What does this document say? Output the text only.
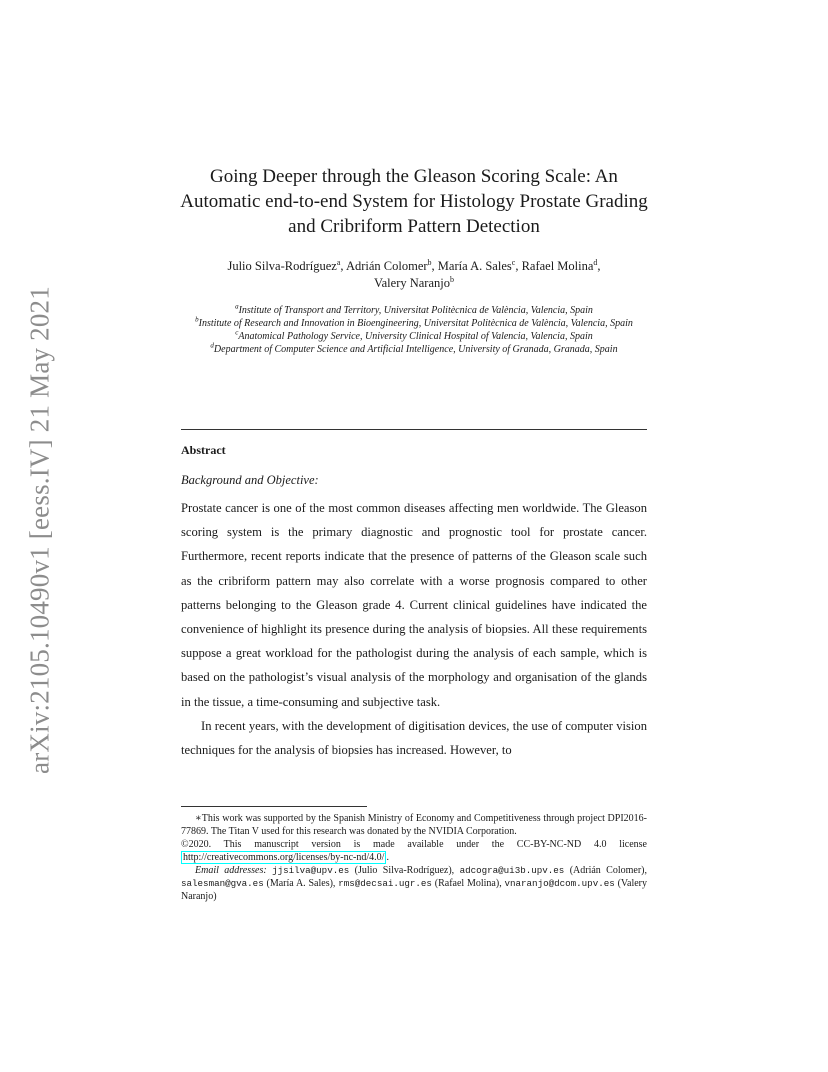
arXiv:2105.10490v1 [eess.IV] 21 May 2021
Going Deeper through the Gleason Scoring Scale: An Automatic end-to-end System for Histology Prostate Grading and Cribriform Pattern Detection
Julio Silva-Rodríguez$^a$, Adrián Colomer$^b$, María A. Sales$^c$, Rafael Molina$^d$,
Valery Naranjo$^b$
$^a$Institute of Transport and Territory, Universitat Politècnica de València, Valencia, Spain
$^b$Institute of Research and Innovation in Bioengineering, Universitat Politècnica de València, Valencia, Spain
$^c$Anatomical Pathology Service, University Clinical Hospital of Valencia, Valencia, Spain
$^d$Department of Computer Science and Artificial Intelligence, University of Granada, Granada, Spain
Abstract
Background and Objective:

Prostate cancer is one of the most common diseases affecting men worldwide. The Gleason scoring system is the primary diagnostic and prognostic tool for prostate cancer. Furthermore, recent reports indicate that the presence of patterns of the Gleason scale such as the cribriform pattern may also correlate with a worse prognosis compared to other patterns belonging to the Gleason grade 4. Current clinical guidelines have indicated the convenience of highlight its presence during the analysis of biopsies. All these requirements suppose a great workload for the pathologist during the analysis of each sample, which is based on the pathologist’s visual analysis of the morphology and organisation of the glands in the tissue, a time-consuming and subjective task.

In recent years, with the development of digitisation devices, the use of computer vision techniques for the analysis of biopsies has increased. However, to

∗This work was supported by the Spanish Ministry of Economy and Competitiveness through project DPI2016-77869. The Titan V used for this research was donated by the NVIDIA Corporation.

©2020. This manuscript version is made available under the CC-BY-NC-ND 4.0 license http://creativecommons.org/licenses/by-nc-nd/4.0/ .

Email addresses: jjsilva@upv.es (Julio Silva-Rodríguez), adcogra@ui3b.upv.es (Adrián Colomer), salesman@gva.es (María A. Sales), rms@decsai.ugr.es (Rafael Molina), vnaranjo@dcom.upv.es (Valery Naranjo)
